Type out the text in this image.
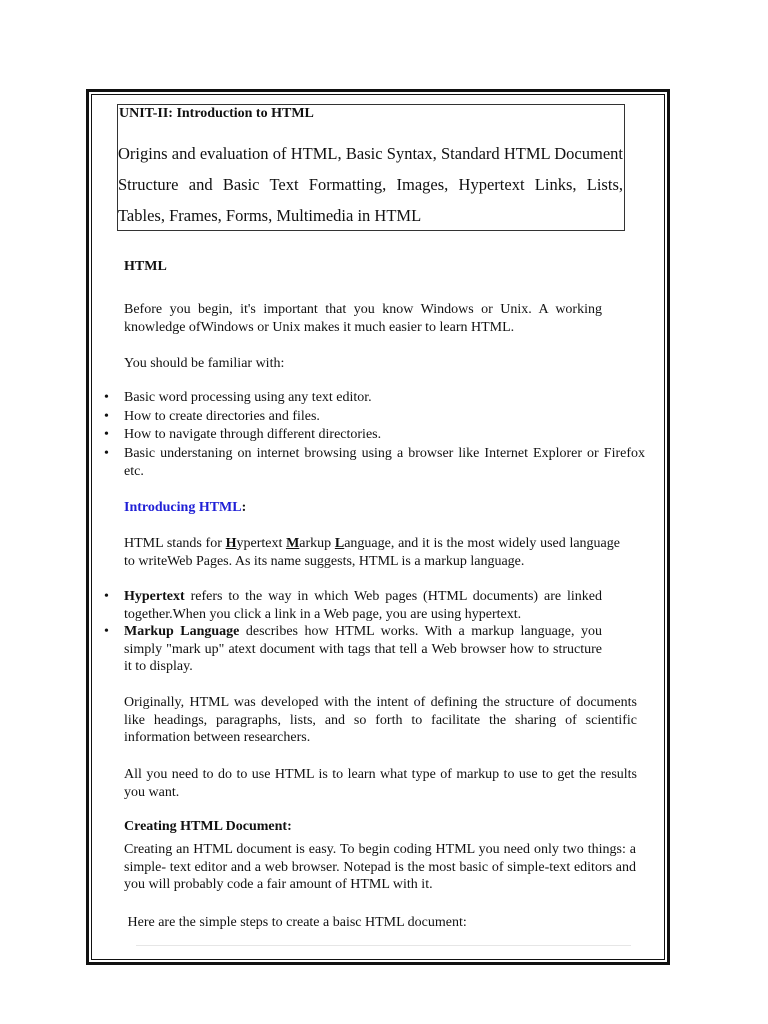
UNIT-II: Introduction to HTML
Origins and evaluation of HTML, Basic Syntax, Standard HTML Document Structure and Basic Text Formatting, Images, Hypertext Links, Lists, Tables, Frames, Forms, Multimedia in HTML
HTML
Before you begin, it's important that you know Windows or Unix. A working knowledge ofWindows or Unix makes it much easier to learn HTML.
You should be familiar with:
• Basic word processing using any text editor.
• How to create directories and files.
• How to navigate through different directories.
• Basic understaning on internet browsing using a browser like Internet Explorer or Firefox etc.
Introducing HTML:
HTML stands for Hypertext Markup Language, and it is the most widely used language to writeWeb Pages. As its name suggests, HTML is a markup language.
• Hypertext refers to the way in which Web pages (HTML documents) are linked together.When you click a link in a Web page, you are using hypertext.
• Markup Language describes how HTML works. With a markup language, you simply "mark up" atext document with tags that tell a Web browser how to structure it to display.
Originally, HTML was developed with the intent of defining the structure of documents like headings, paragraphs, lists, and so forth to facilitate the sharing of scientific information between researchers.
All you need to do to use HTML is to learn what type of markup to use to get the results you want.
Creating HTML Document:
Creating an HTML document is easy. To begin coding HTML you need only two things: a simple- text editor and a web browser. Notepad is the most basic of simple-text editors and you will probably code a fair amount of HTML with it.
Here are the simple steps to create a baisc HTML document:
